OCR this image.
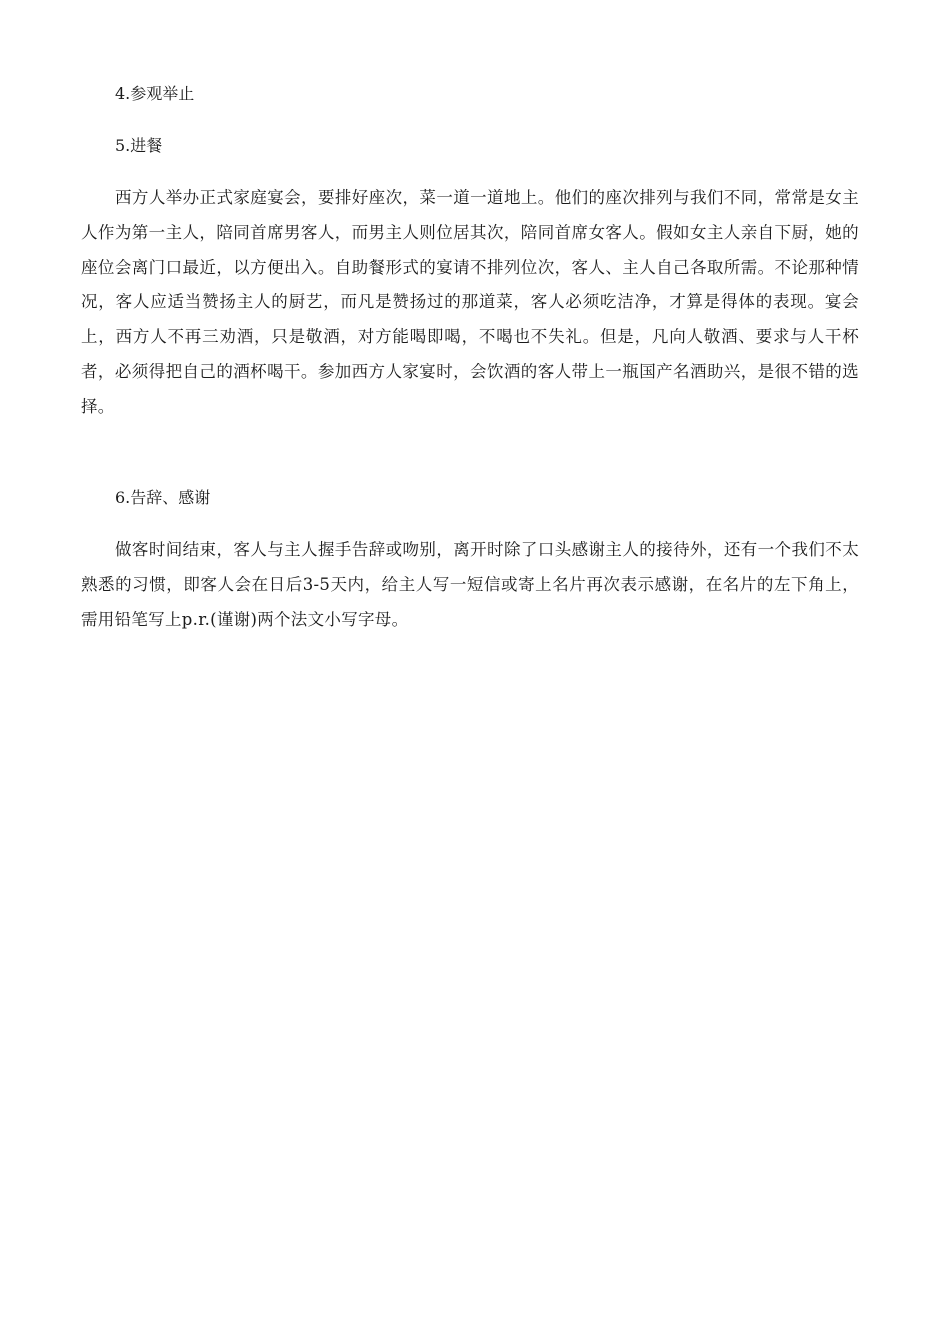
4.参观举止
5.进餐
西方人举办正式家庭宴会，要排好座次，菜一道一道地上。他们的座次排列与我们不同，常常是女主人作为第一主人，陪同首席男客人，而男主人则位居其次，陪同首席女客人。假如女主人亲自下厨，她的座位会离门口最近，以方便出入。自助餐形式的宴请不排列位次，客人、主人自己各取所需。不论那种情况，客人应适当赞扬主人的厨艺，而凡是赞扬过的那道菜，客人必须吃洁净，才算是得体的表现。宴会上，西方人不再三劝酒，只是敬酒，对方能喝即喝，不喝也不失礼。但是，凡向人敬酒、要求与人干杯者，必须得把自己的酒杯喝干。参加西方人家宴时，会饮酒的客人带上一瓶国产名酒助兴，是很不错的选择。
6.告辞、感谢
做客时间结束，客人与主人握手告辞或吻别，离开时除了口头感谢主人的接待外，还有一个我们不太熟悉的习惯，即客人会在日后3-5天内，给主人写一短信或寄上名片再次表示感谢，在名片的左下角上，需用铅笔写上p.r.(谨谢)两个法文小写字母。
